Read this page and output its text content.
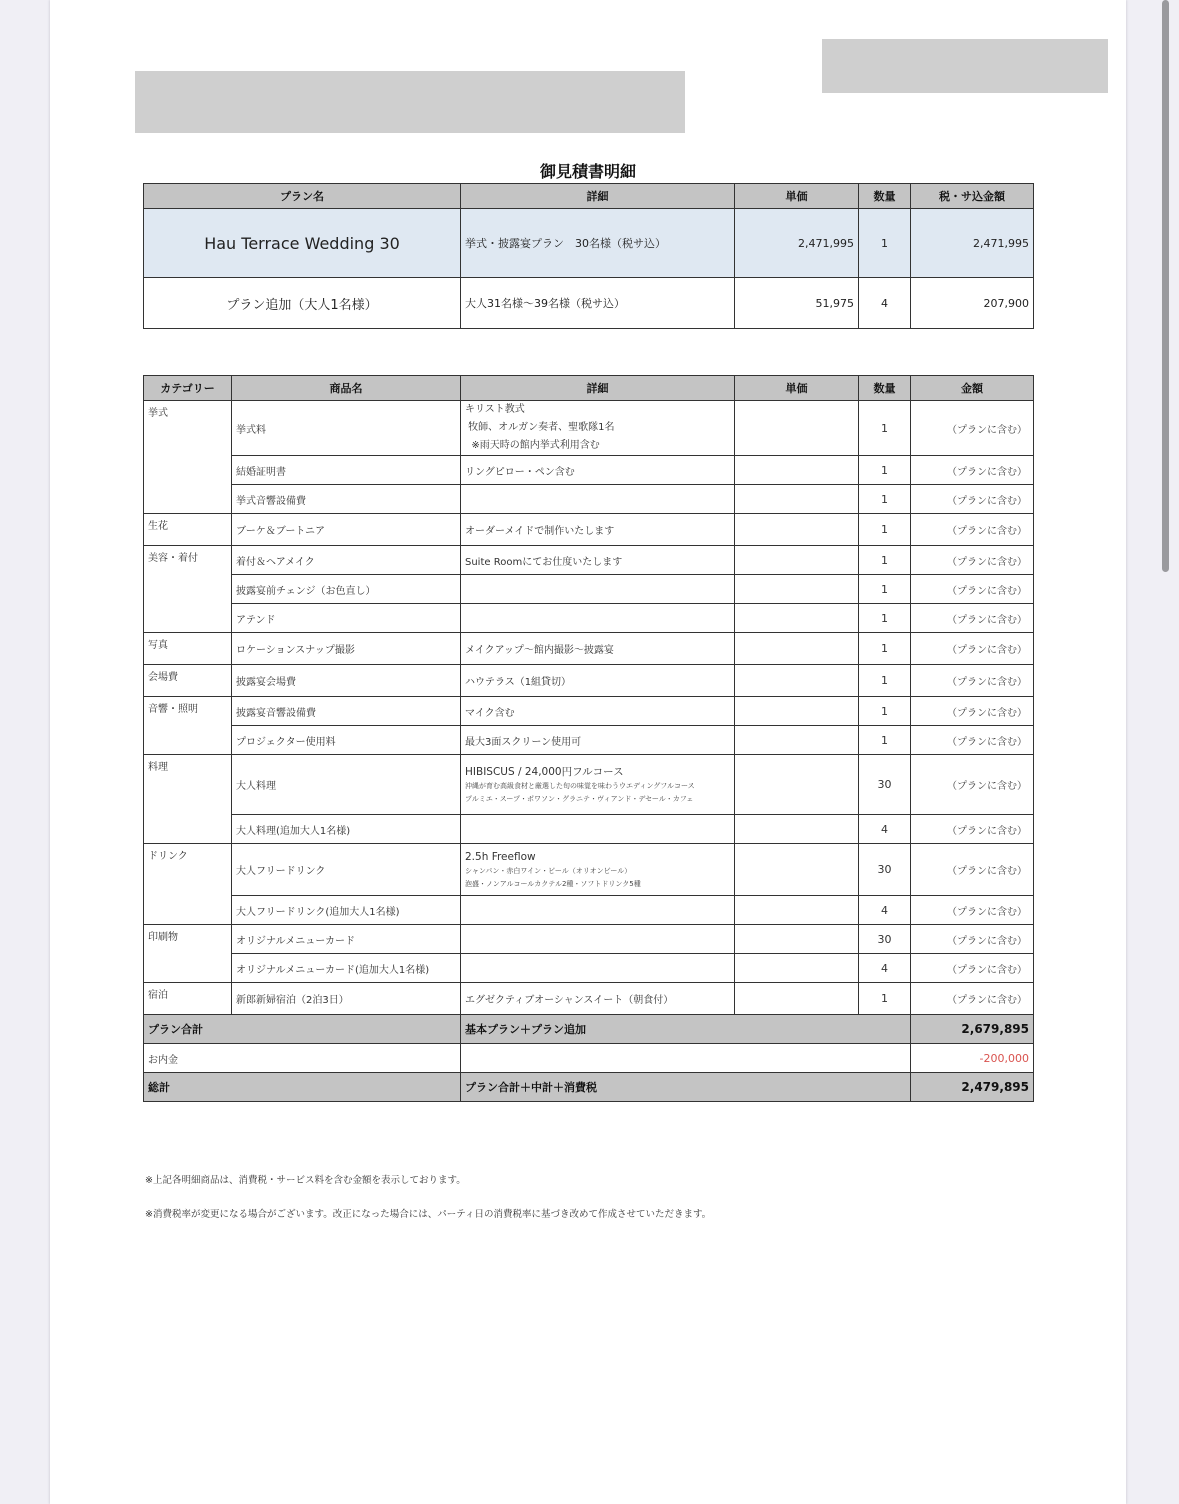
御見積書明細
プラン名	詳細	単価	数量	税・サ込金額
Hau Terrace Wedding 30	挙式・披露宴プラン　30名様（税サ込）	2,471,995	1	2,471,995
プラン追加（大人1名様）	大人31名様～39名様（税サ込）	51,975	4	207,900
カテゴリー	商品名	詳細	単価	数量	金額
挙式	挙式料	キリスト教式
牧師、オルガン奏者、聖歌隊1名
※雨天時の館内挙式利用含む		1	（プランに含む）
	結婚証明書	リングピロー・ペン含む		1	（プランに含む）
	挙式音響設備費			1	（プランに含む）
生花	ブーケ＆ブートニア	オーダーメイドで制作いたします		1	（プランに含む）
美容・着付	着付＆ヘアメイク	Suite Roomにてお仕度いたします		1	（プランに含む）
	披露宴前チェンジ（お色直し）			1	（プランに含む）
	アテンド			1	（プランに含む）
写真	ロケーションスナップ撮影	メイクアップ～館内撮影～披露宴		1	（プランに含む）
会場費	披露宴会場費	ハウテラス（1組貸切）		1	（プランに含む）
音響・照明	披露宴音響設備費	マイク含む		1	（プランに含む）
	プロジェクター使用料	最大3面スクリーン使用可		1	（プランに含む）
料理	大人料理	HIBISCUS / 24,000円フルコース
沖縄が育む高級食材と厳選した旬の味覚を味わうウエディングフルコース
プルミエ・スープ・ポワソン・グラニテ・ヴィアンド・デセール・カフェ		30	（プランに含む）
	大人料理(追加大人1名様)			4	（プランに含む）
ドリンク	大人フリードリンク	2.5h Freeflow
シャンパン・赤白ワイン・ビール（オリオンビール）
泡盛・ノンアルコールカクテル2種・ソフトドリンク5種		30	（プランに含む）
	大人フリードリンク(追加大人1名様)			4	（プランに含む）
印刷物	オリジナルメニューカード			30	（プランに含む）
	オリジナルメニューカード(追加大人1名様)			4	（プランに含む）
宿泊	新郎新婦宿泊（2泊3日）	エグゼクティブオーシャンスイート（朝食付）		1	（プランに含む）
プラン合計		基本プラン＋プラン追加			2,679,895
お内金					-200,000
総計		プラン合計＋中計＋消費税			2,479,895
※上記各明細商品は、消費税・サービス料を含む金額を表示しております。
※消費税率が変更になる場合がございます。改正になった場合には、パーティ日の消費税率に基づき改めて作成させていただきます。
